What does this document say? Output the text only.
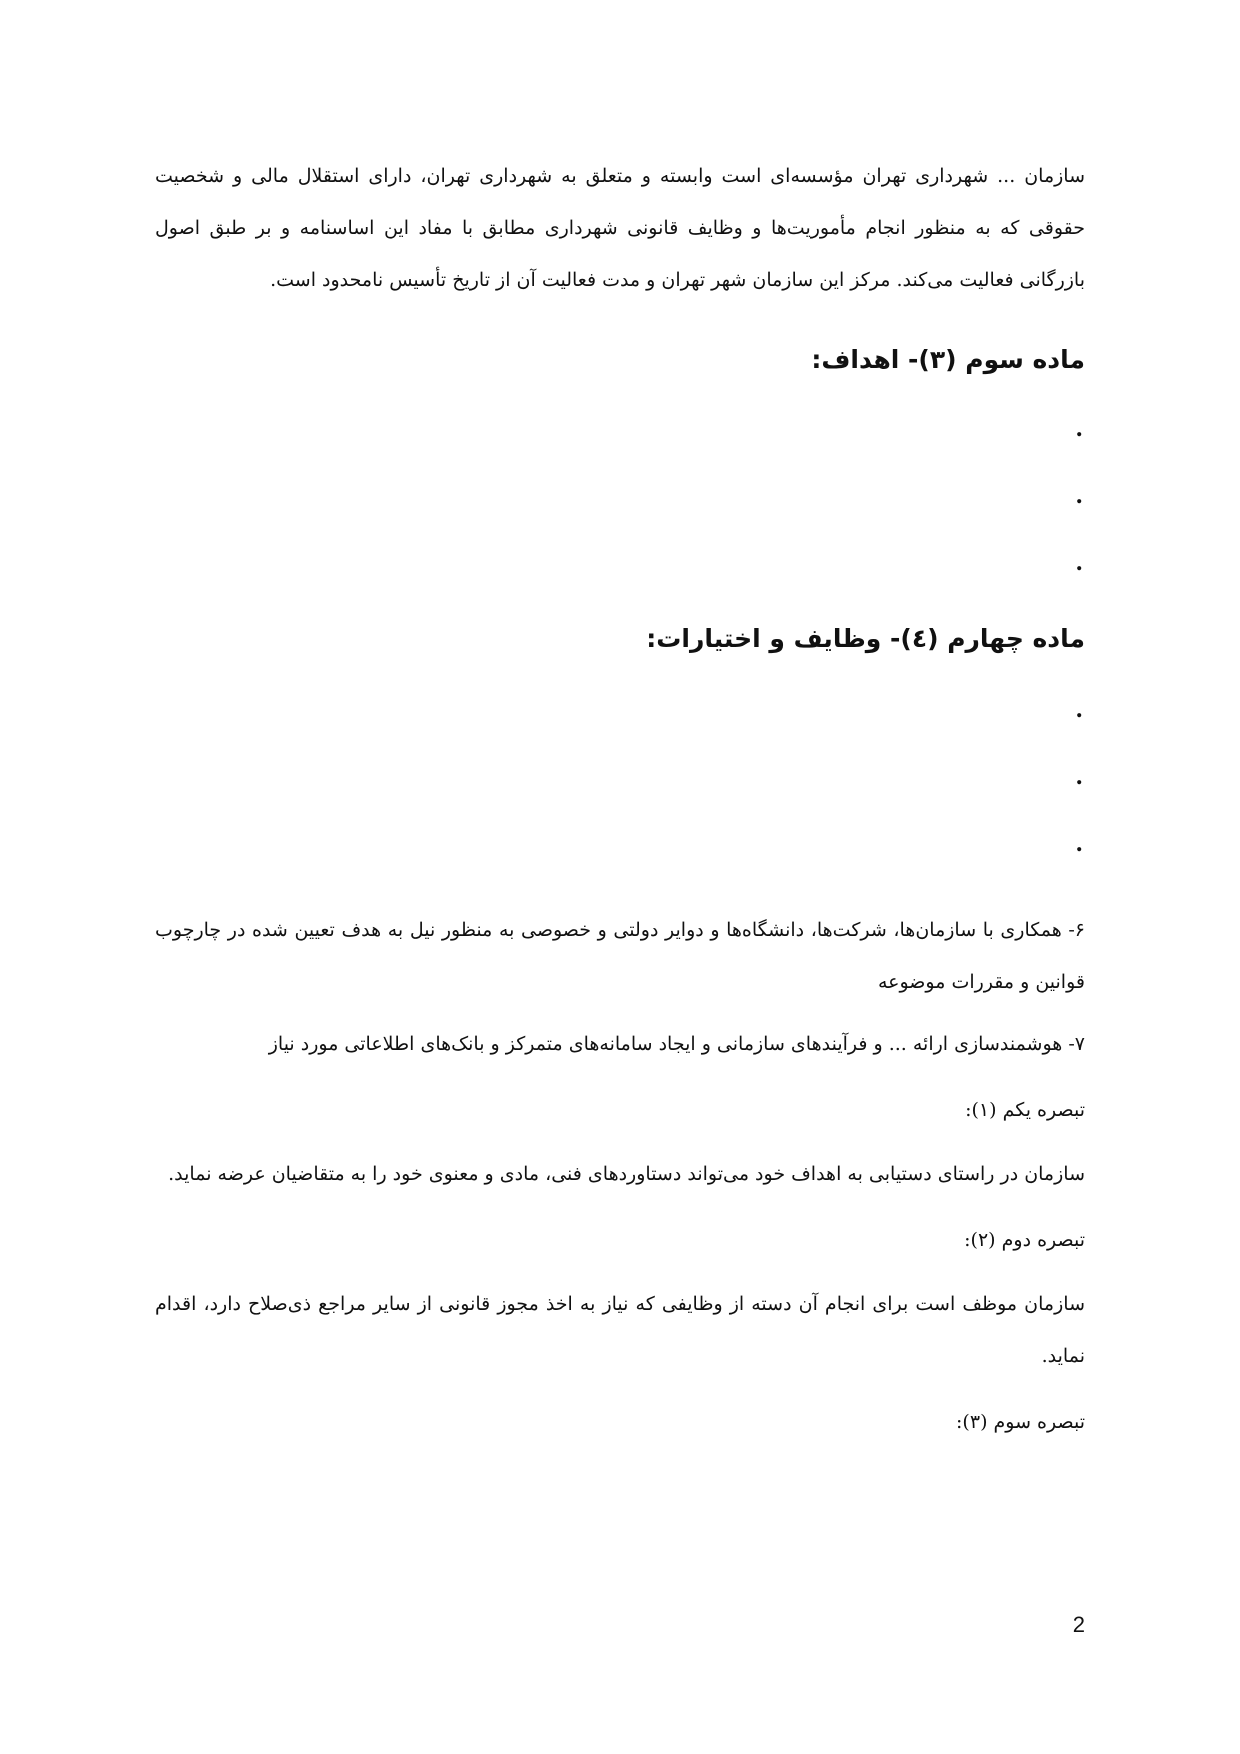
سازمان ... شهرداری تهران مؤسسه‌ای است وابسته و متعلق به شهرداری تهران، دارای استقلال مالی و شخصیت حقوقی که به منظور انجام مأموریت‌ها و وظایف قانونی شهرداری مطابق با مفاد این اساسنامه و بر طبق اصول بازرگانی فعالیت می‌کند. مرکز این سازمان شهر تهران و مدت فعالیت آن از تاریخ تأسیس نامحدود است.

ماده سوم (۳)- اهداف:
.
.
.
ماده چهارم (٤)- وظایف و اختیارات:
.
.
.

۶- همکاری با سازمان‌ها، شرکت‌ها، دانشگاه‌ها و دوایر دولتی و خصوصی به منظور نیل به هدف تعیین شده در چارچوب قوانین و مقررات موضوعه

۷- هوشمندسازی ارائه ... و فرآیندهای سازمانی و ایجاد سامانه‌های متمرکز و بانک‌های اطلاعاتی مورد نیاز

تبصره یکم (۱):

سازمان در راستای دستیابی به اهداف خود می‌تواند دستاوردهای فنی، مادی و معنوی خود را به متقاضیان عرضه نماید.

تبصره دوم (۲):

سازمان موظف است برای انجام آن دسته از وظایفی که نیاز به اخذ مجوز قانونی از سایر مراجع ذی‌صلاح دارد، اقدام نماید.

تبصره سوم (۳):

2
